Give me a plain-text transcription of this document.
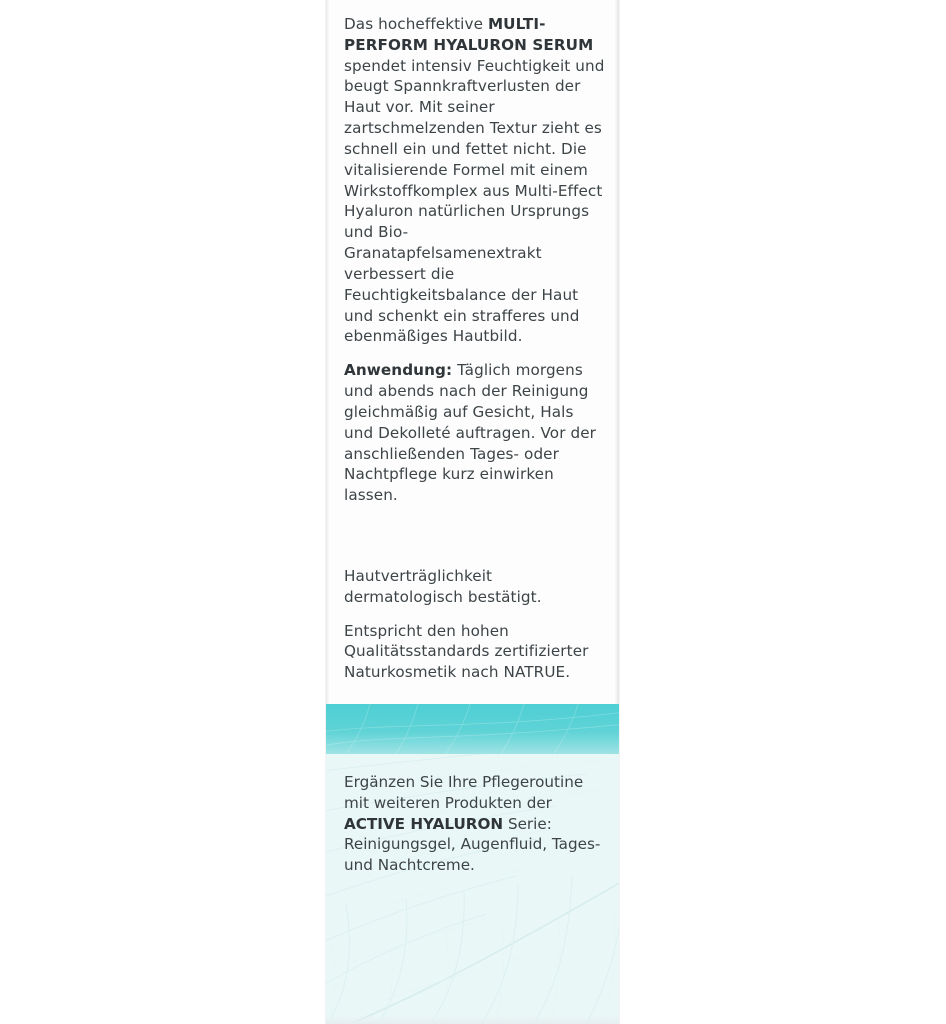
Das hocheffektive MULTI-PERFORM HYALURON SERUM spendet intensiv Feuchtigkeit und beugt Spannkraftverlusten der Haut vor. Mit seiner zartschmelzenden Textur zieht es schnell ein und fettet nicht. Die vitalisierende Formel mit einem Wirkstoffkomplex aus Multi-Effect Hyaluron natürlichen Ursprungs und Bio-Granatapfelsamenextrakt verbessert die Feuchtigkeitsbalance der Haut und schenkt ein strafferes und ebenmäßiges Hautbild.

Anwendung: Täglich morgens und abends nach der Reinigung gleichmäßig auf Gesicht, Hals und Dekolleté auftragen. Vor der anschließenden Tages- oder Nachtpflege kurz einwirken lassen.

Hautverträglichkeit dermatologisch bestätigt.

Entspricht den hohen Qualitätsstandards zertifizierter Naturkosmetik nach NATRUE.

Ergänzen Sie Ihre Pflegeroutine mit weiteren Produkten der ACTIVE HYALURON Serie: Reinigungsgel, Augenfluid, Tages- und Nachtcreme.
